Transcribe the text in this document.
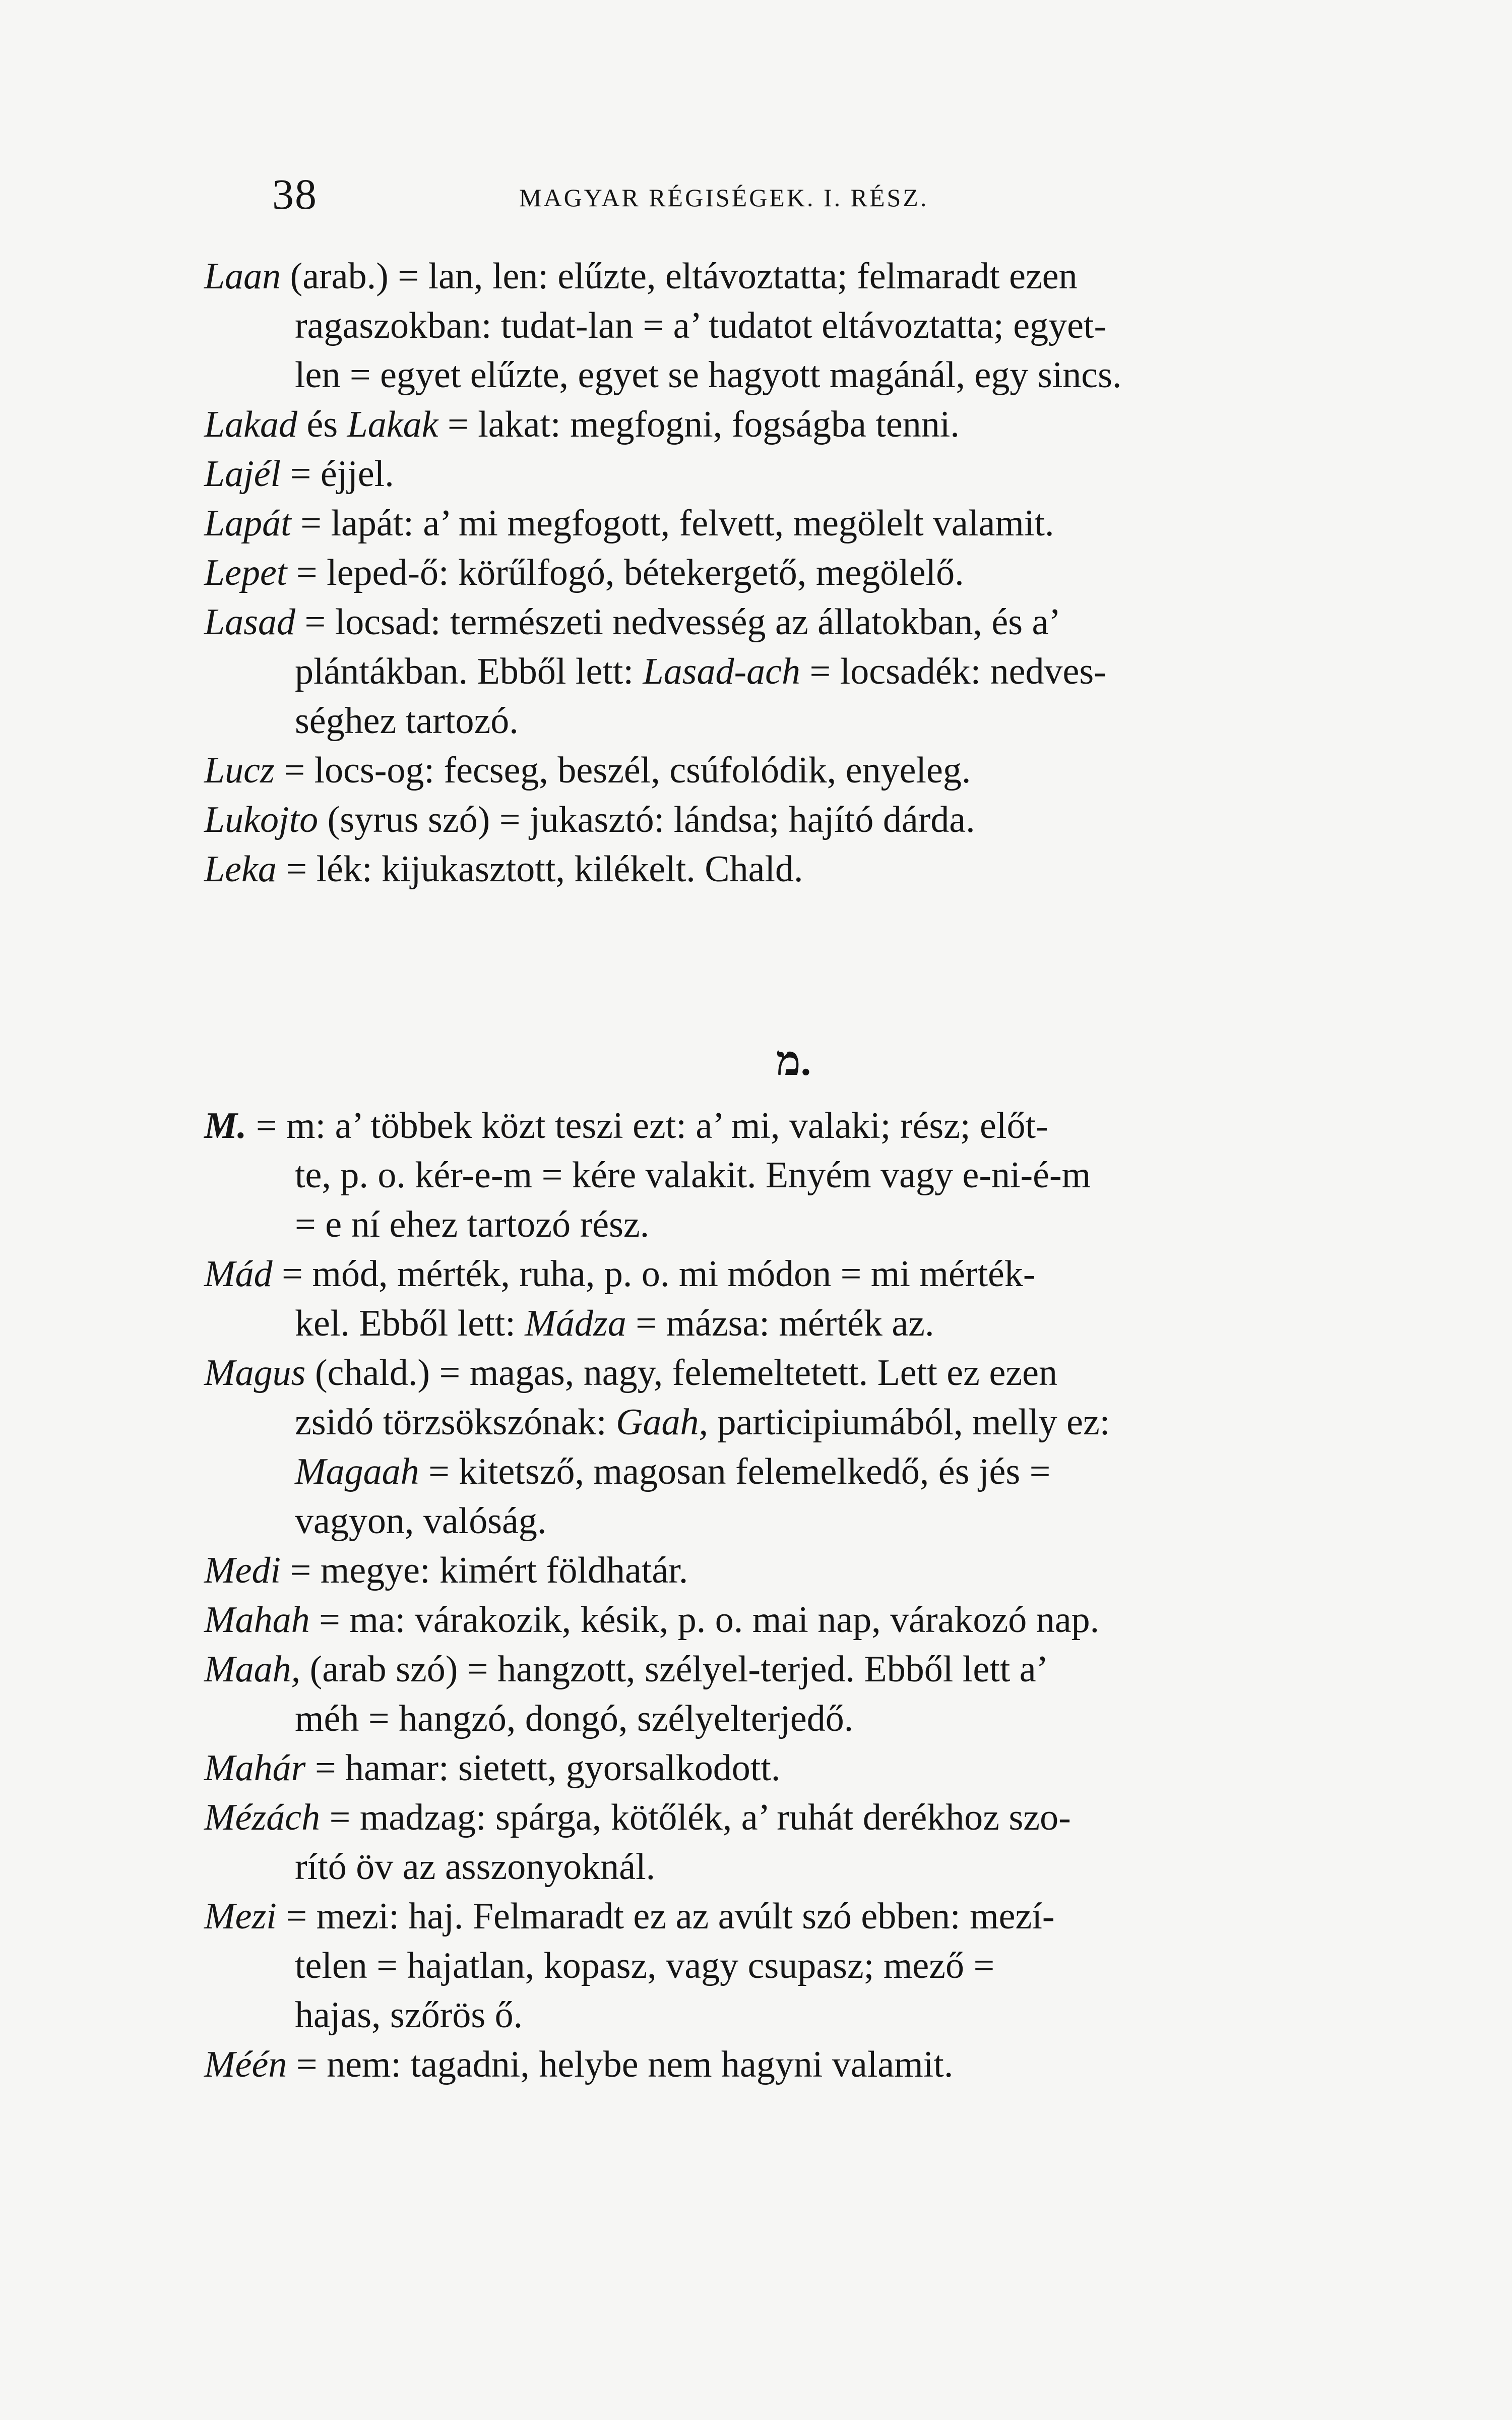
38	MAGYAR RÉGISÉGEK. I. RÉSZ.
Laan (arab.) = lan, len: elűzte, eltávoztatta; felmaradt ezen
ragaszokban: tudat-lan = a’ tudatot eltávoztatta; egyet-
len = egyet elűzte, egyet se hagyott magánál, egy sincs.
Lakad és Lakak = lakat: megfogni, fogságba tenni.
Lajél = éjjel.
Lapát = lapát: a’ mi megfogott, felvett, megölelt valamit.
Lepet = leped-ő: körűlfogó, bétekergető, megölelő.
Lasad = locsad: természeti nedvesség az állatokban, és a’
plántákban. Ebből lett: Lasad-ach = locsadék: nedves-
séghez tartozó.
Lucz = locs-og: fecseg, beszél, csúfolódik, enyeleg.
Lukojto (syrus szó) = jukasztó: lándsa; hajító dárda.
Leka = lék: kijukasztott, kilékelt. Chald.
מ.
M. = m: a’ többek közt teszi ezt: a’ mi, valaki; rész; előt-
te, p. o. kér-e-m = kére valakit. Enyém vagy e-ni-é-m
= e ní ehez tartozó rész.
Mád = mód, mérték, ruha, p. o. mi módon = mi mérték-
kel. Ebből lett: Mádza = mázsa: mérték az.
Magus (chald.) = magas, nagy, felemeltetett. Lett ez ezen
zsidó törzsökszónak: Gaah, participiumából, melly ez:
Magaah = kitetsző, magosan felemelkedő, és jés =
vagyon, valóság.
Medi = megye: kimért földhatár.
Mahah = ma: várakozik, késik, p. o. mai nap, várakozó nap.
Maah, (arab szó) = hangzott, szélyel-terjed. Ebből lett a’
méh = hangzó, dongó, szélyelterjedő.
Mahár = hamar: sietett, gyorsalkodott.
Mézách = madzag: spárga, kötőlék, a’ ruhát derékhoz szo-
rító öv az asszonyoknál.
Mezi = mezi: haj. Felmaradt ez az avúlt szó ebben: mezí-
telen = hajatlan, kopasz, vagy csupasz; mező =
hajas, szőrös ő.
Méén = nem: tagadni, helybe nem hagyni valamit.
